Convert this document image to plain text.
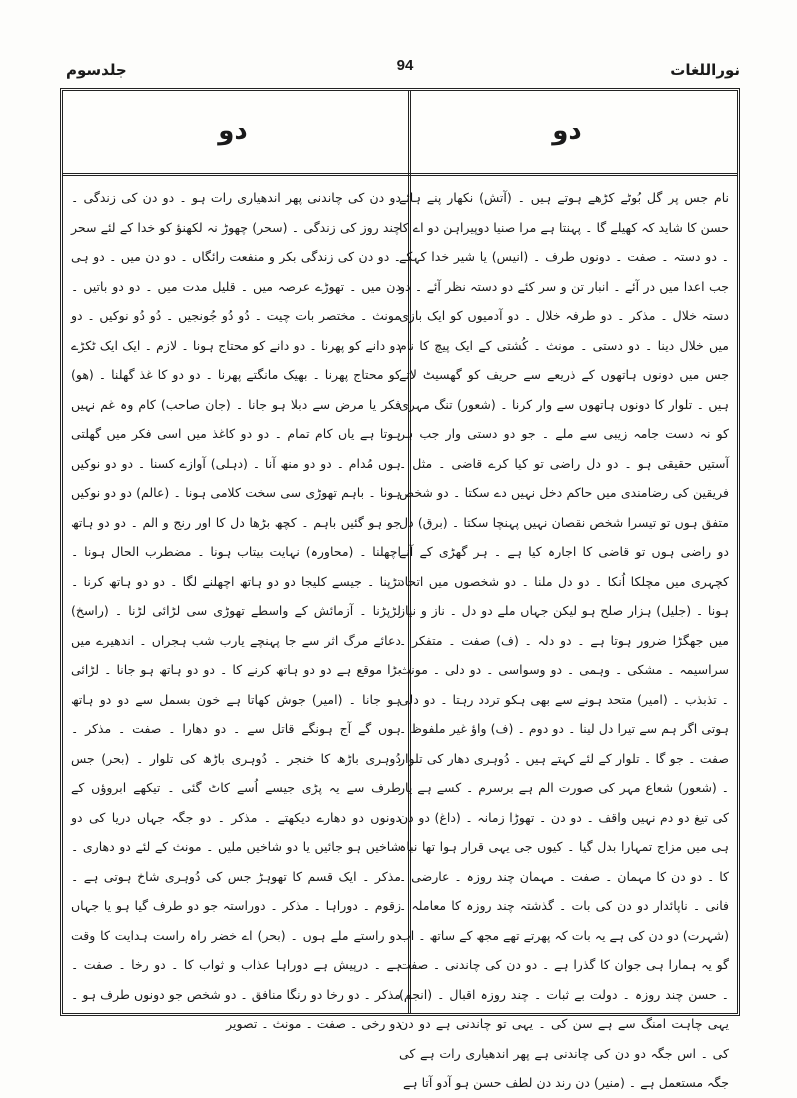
جلدسوم	94	نوراللغات
دو	دو

دو دن کی چاندنی پھر اندھیاری رات ہو ۔ دو دن کی زندگی ۔ چند روز کی زندگی ۔ (سحر) چھوڑ نہ لکھنؤ کو خدا کے لئے سحر ۔ دو دن کی زندگی بکر و منفعت رائگاں ۔ دو دن میں ۔ دو ہی دن میں ۔ تھوڑے عرصہ میں ۔ قلیل مدت میں ۔ دو دو باتیں ۔ مونث ۔ مختصر بات چیت ۔ دُو دُو جُونجیں ۔ دُو دُو نوکیں ۔ دو دو دانے کو پھرنا ۔ دو دانے کو محتاج ہونا ۔ لازم ۔ ایک ایک ٹکڑے کو محتاج پھرنا ۔ بھیک مانگتے پھرنا ۔ دو دو کا غذ گھلنا ۔ (ھو) فکر یا مرض سے دبلا ہو جانا ۔ (جان صاحب) کام وہ غم نہیں ہوتا ہے یاں کام تمام ۔ دو دو کاغذ میں اسی فکر میں گھلتی ہوں مُدام ۔ دو دو منھ آنا ۔ (دہلی) آوازے کسنا ۔ دو دو نوکیں ہونا ۔ باہم تھوڑی سی سخت کلامی ہونا ۔ (عالم) دو دو نوکیں جو ہو گئیں باہم ۔ کچھ بڑھا دل کا اور رنج و الم ۔ دو دو ہاتھ اچھلنا ۔ (محاورہ) نہایت بیتاب ہونا ۔ مضطرب الحال ہونا ۔ تڑپنا ۔ جیسے کلیجا دو دو ہاتھ اچھلنے لگا ۔ دو دو ہاتھ کرنا ۔ لڑپڑنا ۔ آزمائش کے واسطے تھوڑی سی لڑائی لڑنا ۔ (راسخ) دعائے مرگ اثر سے جا پہنچے یارب شب ہجراں ۔ اندھیرے میں بڑا موقع ہے دو دو ہاتھ کرنے کا ۔ دو دو ہاتھ ہو جانا ۔ لڑائی ہو جانا ۔ (امیر) جوش کھاتا ہے خون بسمل سے دو دو ہاتھ ہوں گے آج ہونگے قاتل سے ۔ دو دھارا ۔ صفت ۔ مذکر ۔ دُوہری باڑھ کا خنجر ۔ دُوہری باڑھ کی تلوار ۔ (بحر) جس طرف سے یہ پڑی جیسے اُسے کاٹ گئی ۔ تیکھے ابروؤں کے دونوں دو دھارے دیکھتے ۔ مذکر ۔ دو جگہ جہاں دریا کی دو شاخیں ہو جائیں یا دو شاخیں ملیں ۔ مونث کے لئے دو دھاری ۔ مذکر ۔ ایک قسم کا تھوہڑ جس کی دُوہری شاخ ہوتی ہے ۔ زقوم ۔ دوراہا ۔ مذکر ۔ دوراستہ جو دو طرف گیا ہو یا جہاں دو راستے ملے ہوں ۔ (بحر) اے خضر راہ راست ہدایت کا وقت ہے ۔ درپیش ہے دوراہا عذاب و ثواب کا ۔ دو رخا ۔ صفت ۔ مذکر ۔ دو رخا دو رنگا منافق ۔ دو شخص جو دونوں طرف ہو ۔ دو رخی ۔ صفت ۔ مونث ۔ تصویر

نام جس پر گل بُوٹے کڑھے ہوتے ہیں ۔ (آتش) نکھار پنے ہائے حسن کا شاید کہ کھیلے گا ۔ پہنتا ہے مرا صنیا دوپیراہن دو اے کا ۔ دو دستہ ۔ صفت ۔ دونوں طرف ۔ (انیس) یا شیر خدا کہکے جب اعدا میں در آئے ۔ انبار تن و سر کئے دو دستہ نظر آئے ۔ دو دستہ خلال ۔ مذکر ۔ دو طرفہ خلال ۔ دو آدمیوں کو ایک بازی میں خلال دینا ۔ دو دستی ۔ مونث ۔ کُشتی کے ایک پیچ کا نام جس میں دونوں ہاتھوں کے ذریعے سے حریف کو گھسیٹ لاتے ہیں ۔ تلوار کا دونوں ہاتھوں سے وار کرنا ۔ (شعور) تنگ مہری کو نہ دست جامہ زیبی سے ملے ۔ جو دو دستی وار جب ہر آستیں حقیقی ہو ۔ دو دل راضی تو کیا کرے قاضی ۔ مثل ۔ فریقین کی رضامندی میں حاکم دخل نہیں دے سکتا ۔ دو شخص متفق ہوں تو تیسرا شخص نقصان نہیں پہنچا سکتا ۔ (برق) دل دو راضی ہوں تو قاضی کا اجارہ کیا ہے ۔ ہر گھڑی کے آنے کچہری میں مچلکا اُنکا ۔ دو دل ملنا ۔ دو شخصوں میں اتحاد ہونا ۔ (جلیل) ہزار صلح ہو لیکن جہاں ملے دو دل ۔ ناز و نیاز میں جھگڑا ضرور ہوتا ہے ۔ دو دلہ ۔ (ف) صفت ۔ متفکر ۔ سراسیمہ ۔ مشکی ۔ وہمی ۔ دو وسواسی ۔ دو دلی ۔ مونث ۔ تذبذب ۔ (امیر) متحد ہونے سے بھی ہکو تردد رہتا ۔ دو دلی ہوتی اگر ہم سے تیرا دل لینا ۔ دو دوم ۔ (ف) واؤ غیر ملفوظ ۔ صفت ۔ جو گا ۔ تلوار کے لئے کہتے ہیں ۔ دُوہری دھار کی تلوار ۔ (شعور) شعاع مہر کی صورت الم ہے برسرم ۔ کسے ہے یار کی تیغ دو دم نہیں واقف ۔ دو دن ۔ تھوڑا زمانہ ۔ (داغ) دو دن ہی میں مزاج تمہارا بدل گیا ۔ کیوں جی یہی قرار ہوا تھا نباہ کا ۔ دو دن کا مہمان ۔ صفت ۔ مہمان چند روزہ ۔ عارضی ۔ فانی ۔ ناپائدار دو دن کی بات ۔ گذشتہ چند روزہ کا معاملہ ۔ (شہرت) دو دن کی ہے یہ بات کہ پھرتے تھے مجھ کے ساتھ ۔ اب گو یہ ہمارا ہی جوان کا گذرا ہے ۔ دو دن کی چاندنی ۔ صفت ۔ حسن چند روزہ ۔ دولت بے ثبات ۔ چند روزہ اقبال ۔ (انجم) یہی چاہت امنگ سے ہے سن کی ۔ یہی تو چاندنی ہے دو دن کی ۔ اس جگہ دو دن کی چاندنی ہے پھر اندھیاری رات ہے کی جگہ مستعمل ہے ۔ (منیر) دن رند دن لطف حسن ہو آدو آتا ہے
